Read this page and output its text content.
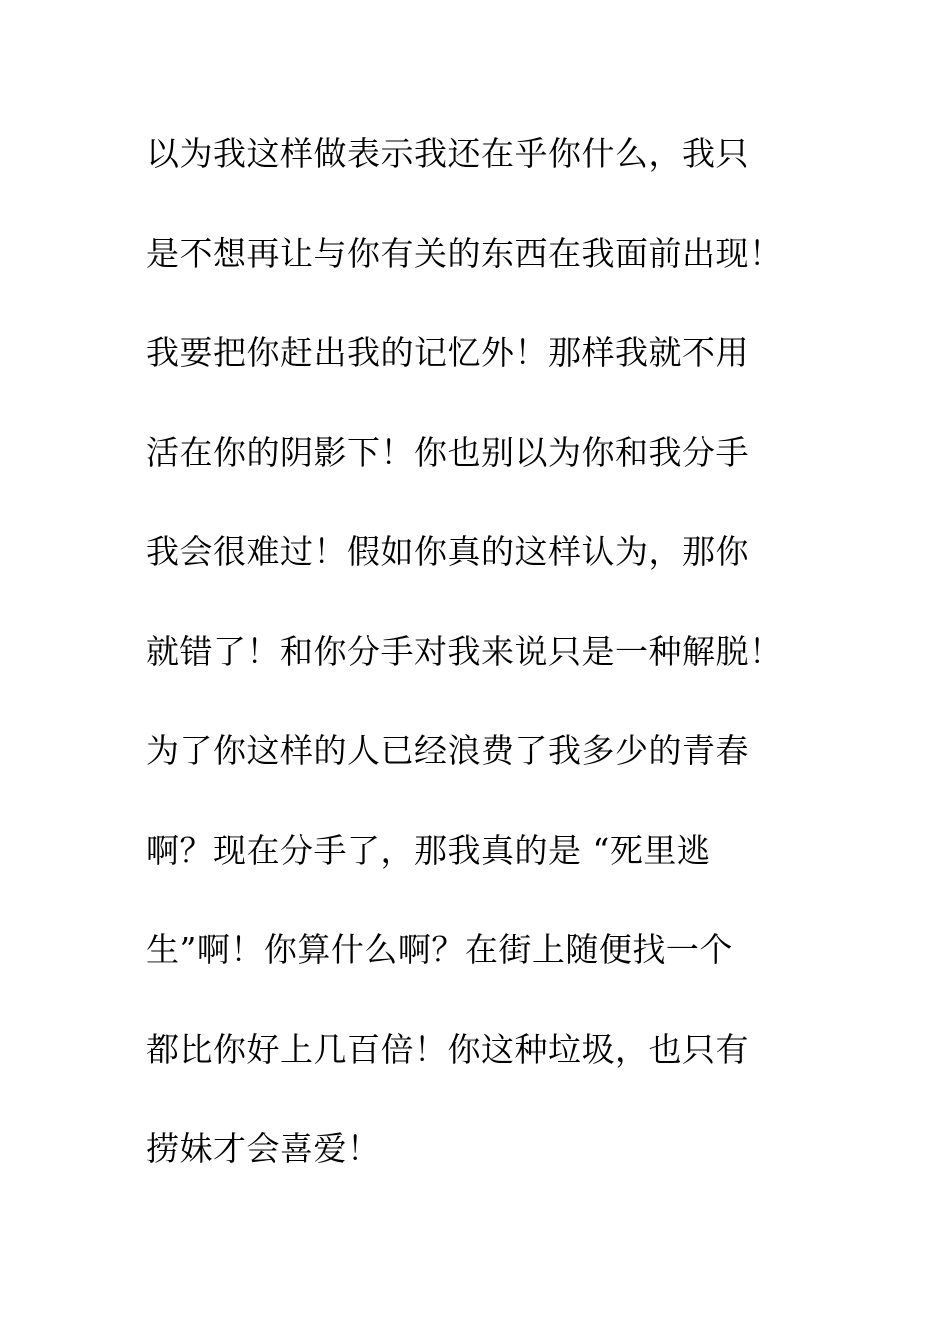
以为我这样做表示我还在乎你什么，我只
是不想再让与你有关的东西在我面前出现！
我要把你赶出我的记忆外！那样我就不用
活在你的阴影下！你也别以为你和我分手
我会很难过！假如你真的这样认为，那你
就错了！和你分手对我来说只是一种解脱！
为了你这样的人已经浪费了我多少的青春
啊？现在分手了，那我真的是 “死里逃
生”啊！你算什么啊？在街上随便找一个
都比你好上几百倍！你这种垃圾，也只有
捞妹才会喜爱！
